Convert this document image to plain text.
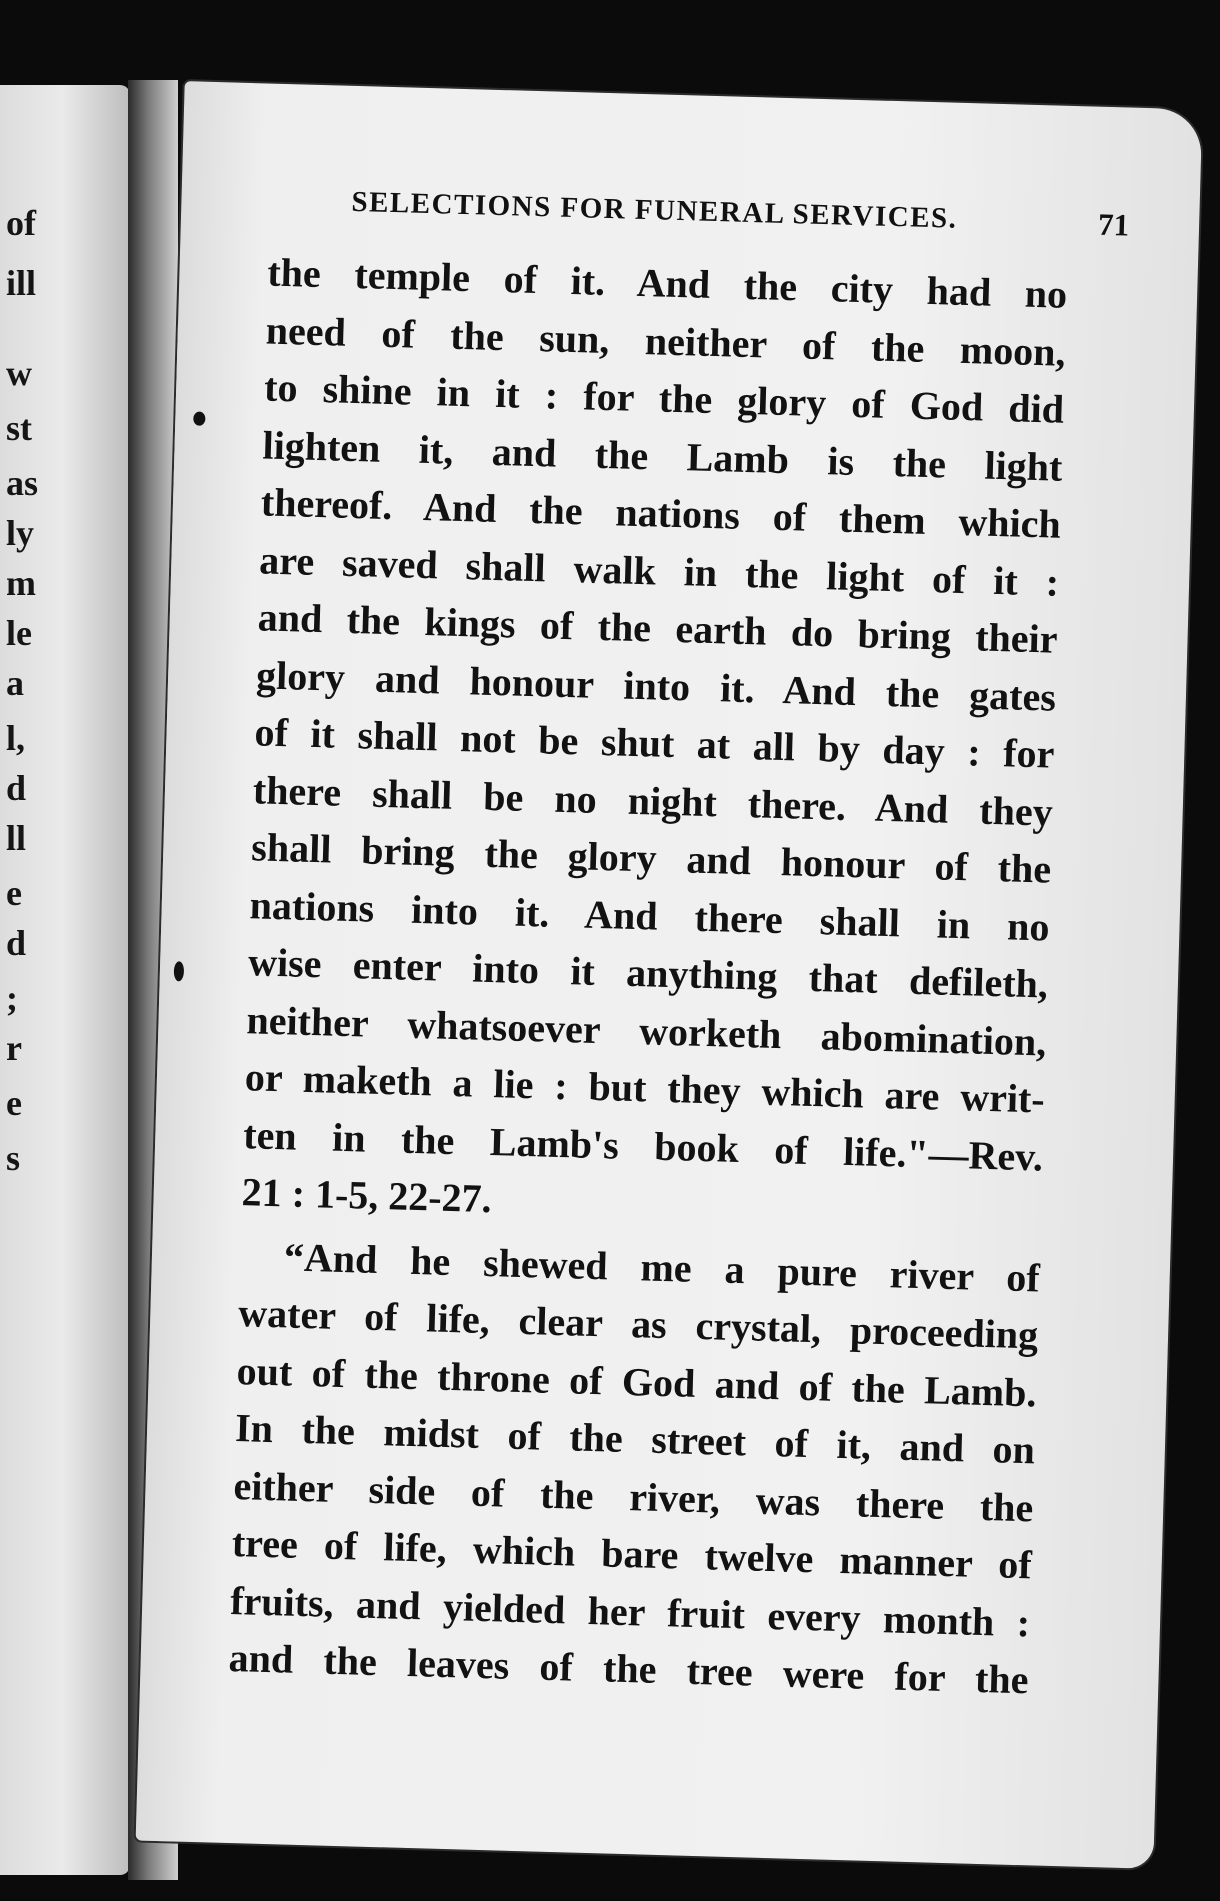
of
ill
w
st
as
ly
m
le
a
l,
d
ll
e
d
;
r
e
s
SELECTIONS FOR FUNERAL SERVICES.	71
the temple of it. And the city had no
need of the sun, neither of the moon,
to shine in it : for the glory of God did
lighten it, and the Lamb is the light
thereof. And the nations of them which
are saved shall walk in the light of it :
and the kings of the earth do bring their
glory and honour into it. And the gates
of it shall not be shut at all by day : for
there shall be no night there. And they
shall bring the glory and honour of the
nations into it. And there shall in no
wise enter into it anything that defileth,
neither whatsoever worketh abomination,
or maketh a lie : but they which are writ-
ten in the Lamb's book of life."—Rev.
21 : 1-5, 22-27.
“And he shewed me a pure river of
water of life, clear as crystal, proceeding
out of the throne of God and of the Lamb.
In the midst of the street of it, and on
either side of the river, was there the
tree of life, which bare twelve manner of
fruits, and yielded her fruit every month :
and the leaves of the tree were for the
